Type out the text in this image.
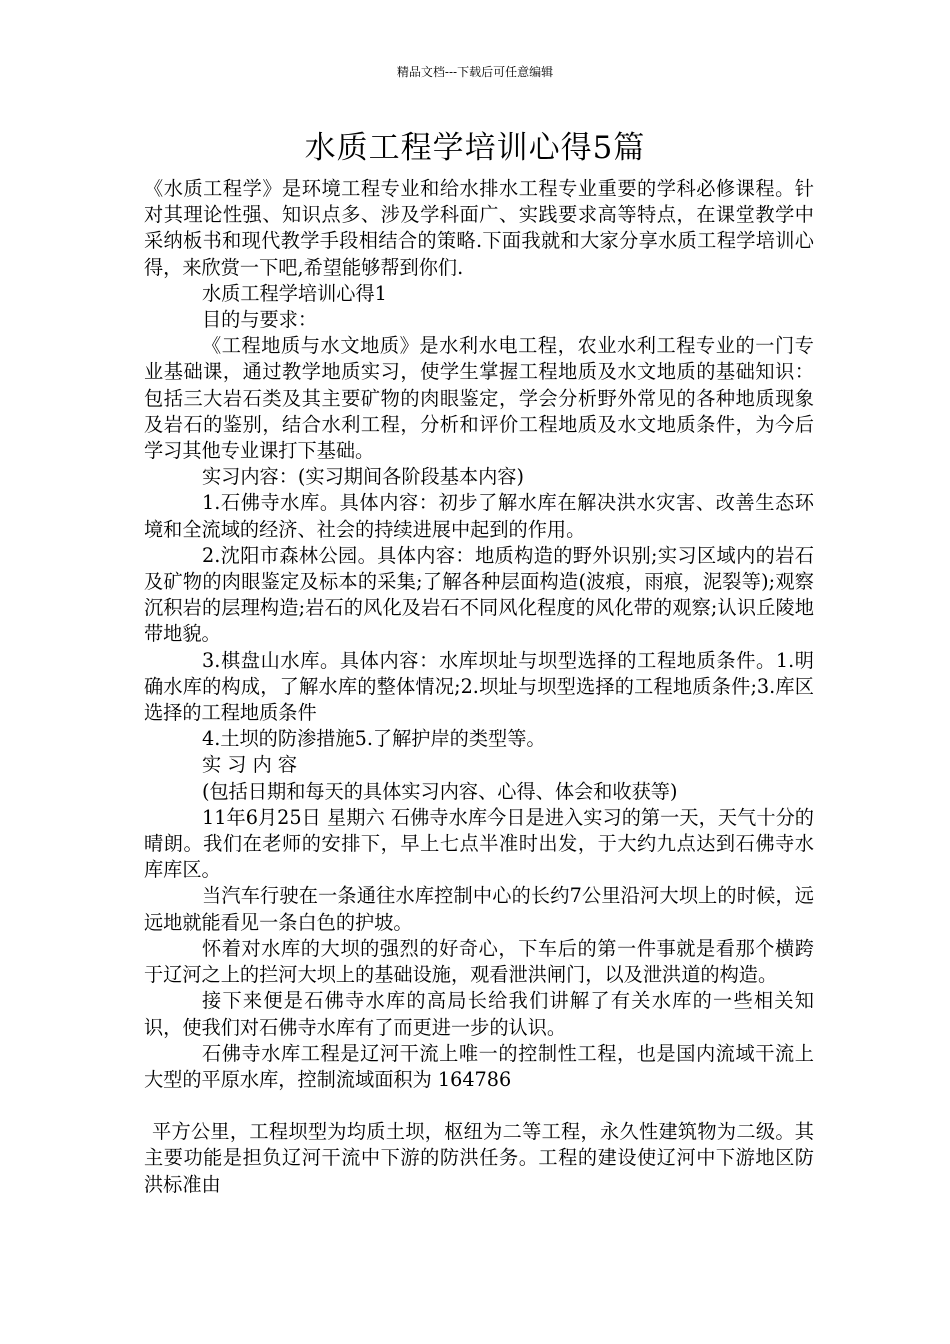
精品文档---下载后可任意编辑
水质工程学培训心得5篇

《水质工程学》是环境工程专业和给水排水工程专业重要的学科必修课程。针对其理论性强、知识点多、涉及学科面广、实践要求高等特点，在课堂教学中采纳板书和现代教学手段相结合的策略.下面我就和大家分享水质工程学培训心得，来欣赏一下吧,希望能够帮到你们.

水质工程学培训心得1

目的与要求：

《工程地质与水文地质》是水利水电工程，农业水利工程专业的一门专业基础课，通过教学地质实习，使学生掌握工程地质及水文地质的基础知识：包括三大岩石类及其主要矿物的肉眼鉴定，学会分析野外常见的各种地质现象及岩石的鉴别，结合水利工程，分析和评价工程地质及水文地质条件，为今后学习其他专业课打下基础。

实习内容：(实习期间各阶段基本内容)

1.石佛寺水库。具体内容：初步了解水库在解决洪水灾害、改善生态环境和全流域的经济、社会的持续进展中起到的作用。

2.沈阳市森林公园。具体内容：地质构造的野外识别;实习区域内的岩石及矿物的肉眼鉴定及标本的采集;了解各种层面构造(波痕，雨痕，泥裂等);观察沉积岩的层理构造;岩石的风化及岩石不同风化程度的风化带的观察;认识丘陵地带地貌。

3.棋盘山水库。具体内容：水库坝址与坝型选择的工程地质条件。1.明确水库的构成，了解水库的整体情况;2.坝址与坝型选择的工程地质条件;3.库区选择的工程地质条件

4.土坝的防渗措施5.了解护岸的类型等。

实 习 内 容

(包括日期和每天的具体实习内容、心得、体会和收获等)

11年6月25日 星期六 石佛寺水库今日是进入实习的第一天，天气十分的晴朗。我们在老师的安排下，早上七点半准时出发，于大约九点达到石佛寺水库库区。

当汽车行驶在一条通往水库控制中心的长约7公里沿河大坝上的时候，远远地就能看见一条白色的护坡。

怀着对水库的大坝的强烈的好奇心，下车后的第一件事就是看那个横跨于辽河之上的拦河大坝上的基础设施，观看泄洪闸门，以及泄洪道的构造。

接下来便是石佛寺水库的高局长给我们讲解了有关水库的一些相关知识，使我们对石佛寺水库有了而更进一步的认识。

石佛寺水库工程是辽河干流上唯一的控制性工程，也是国内流域干流上大型的平原水库，控制流域面积为 164786

平方公里，工程坝型为均质土坝，枢纽为二等工程，永久性建筑物为二级。其主要功能是担负辽河干流中下游的防洪任务。工程的建设使辽河中下游地区防洪标准由
